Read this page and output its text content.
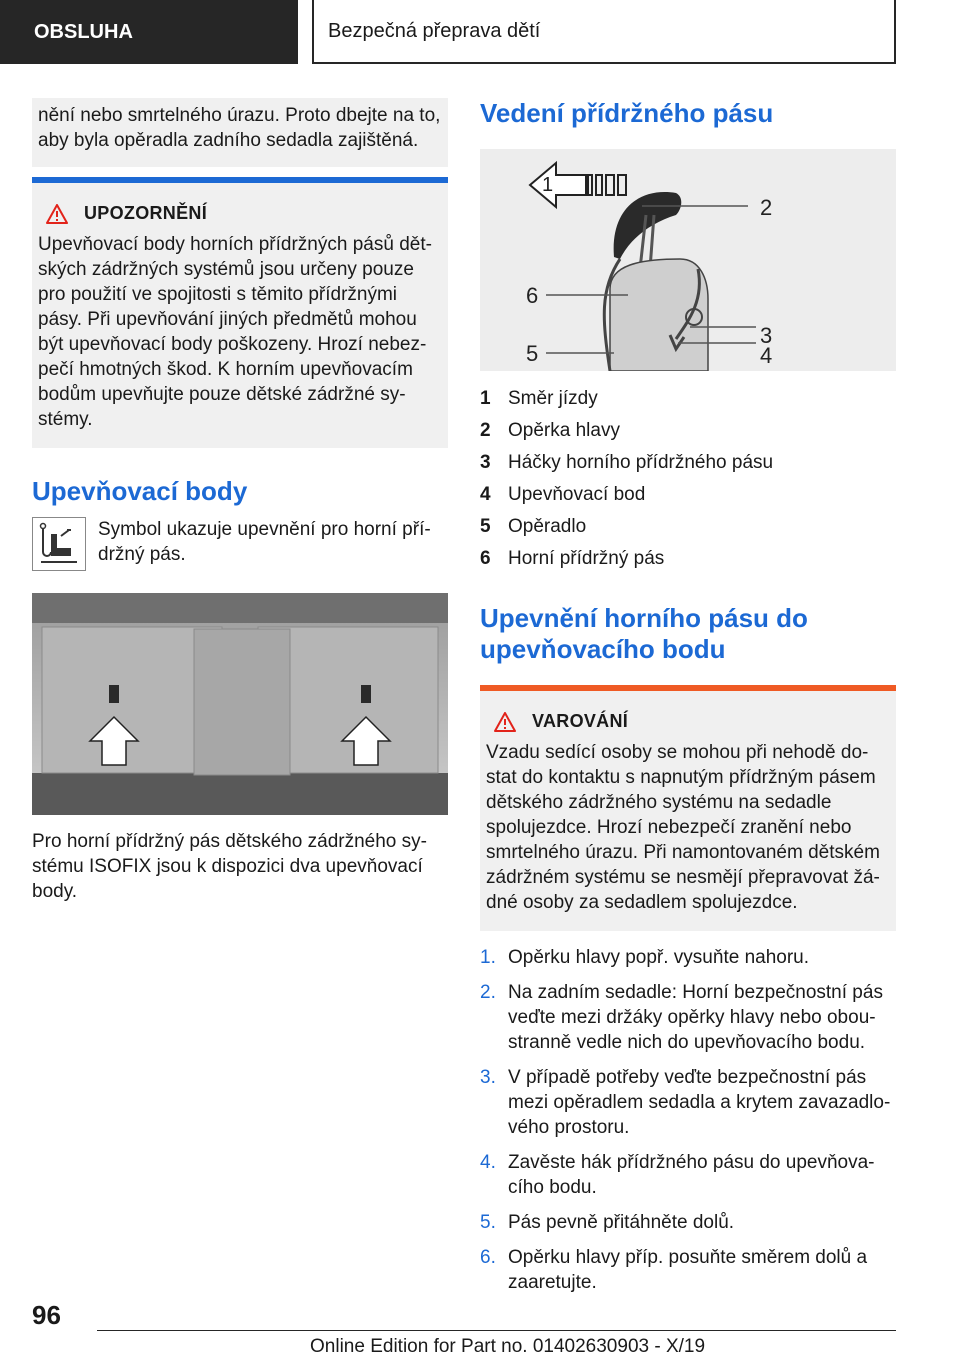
OBSLUHA	Bezpečná přeprava dětí

nění nebo smrtelného úrazu. Proto dbejte na to, aby byla opěradla zadního sedadla zajištěná.

UPOZORNĚNÍ

Upevňovací body horních přídržných pásů dět- ských zádržných systémů jsou určeny pouze pro použití ve spojitosti s těmito přídržnými pásy. Při upevňování jiných předmětů mohou být upevňovací body poškozeny. Hrozí nebez- pečí hmotných škod. K horním upevňovacím bodům upevňujte pouze dětské zádržné sy- stémy.

Upevňovací body

Symbol ukazuje upevnění pro horní pří- držný pás.

Pro horní přídržný pás dětského zádržného sy- stému ISOFIX jsou k dispozici dva upevňovací body.

Vedení přídržného pásu
1
2
3
4
5
6
1 Směr jízdy
2 Opěrka hlavy
3 Háčky horního přídržného pásu
4 Upevňovací bod
5 Opěradlo
6 Horní přídržný pás
Upevnění horního pásu do upevňovacího bodu
VAROVÁNÍ

Vzadu sedící osoby se mohou při nehodě do- stat do kontaktu s napnutým přídržným pásem dětského zádržného systému na sedadle spolujezdce. Hrozí nebezpečí zranění nebo smrtelného úrazu. Při namontovaném dětském zádržném systému se nesmějí přepravovat žá- dné osoby za sedadlem spolujezdce.

1. Opěrku hlavy popř. vysuňte nahoru.
2. Na zadním sedadle: Horní bezpečnostní pás veďte mezi držáky opěrky hlavy nebo obou- stranně vedle nich do upevňovacího bodu.
3. V případě potřeby veďte bezpečnostní pás mezi opěradlem sedadla a krytem zavazadlo- vého prostoru.
4. Zavěste hák přídržného pásu do upevňova- cího bodu.
5. Pás pevně přitáhněte dolů.
6. Opěrku hlavy příp. posuňte směrem dolů a zaaretujte.
96
Online Edition for Part no. 01402630903 - X/19
